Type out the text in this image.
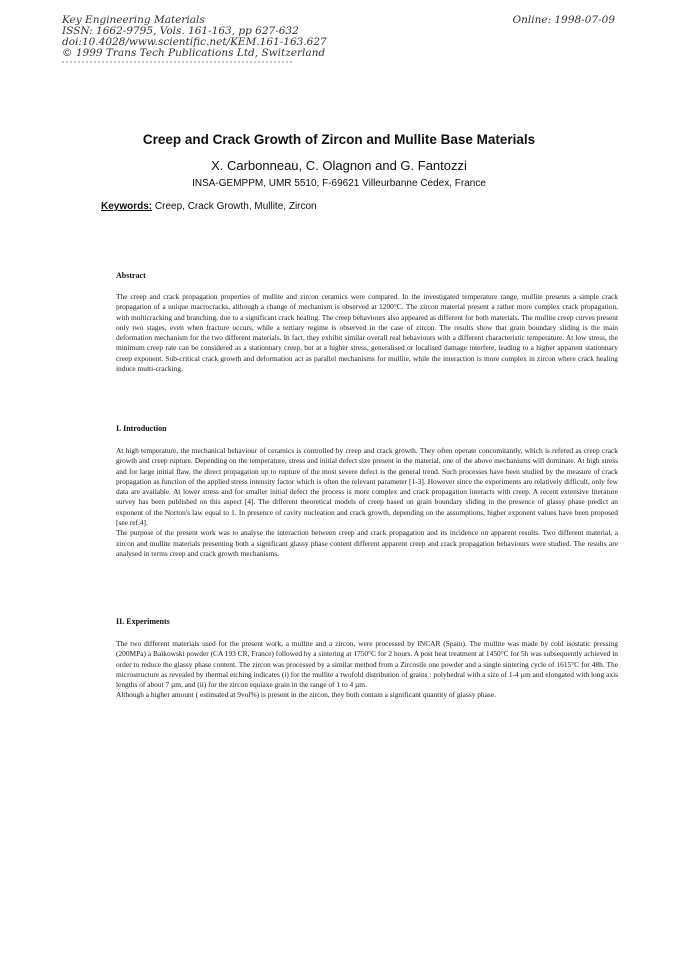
Key Engineering Materials
ISSN: 1662-9795, Vols. 161-163, pp 627-632
doi:10.4028/www.scientific.net/KEM.161-163.627
© 1999 Trans Tech Publications Ltd, Switzerland
Online: 1998-07-09
Creep and Crack Growth of Zircon and Mullite Base Materials
X. Carbonneau, C. Olagnon and G. Fantozzi
INSA-GEMPPM, UMR 5510, F-69621 Villeurbanne Cedex, France
Keywords: Creep, Crack Growth, Mullite, Zircon
Abstract

The creep and crack propagation properties of mullite and zircon ceramics were compared. In the investigated temperature range, mullite presents a simple crack propagation of a unique macrocracks, although a change of mechanism is observed at 1200°C. The zircon material present a rather more complex crack propagation, with multicracking and branching, due to a significant crack healing. The creep behaviours also appeared as different for both materials. The mullite creep curves present only two stages, even when fracture occurs, while a tertiary regime is observed in the case of zircon. The results show that grain boundary sliding is the main deformation mechanism for the two different materials. In fact, they exhibit similar overall real behaviours with a different characteristic temperature. At low stress, the minimum creep rate can be considered as a stationnary creep, but at a higher stress, generalised or localised damage interfere, leading to a higher apparent stationnary creep exponent. Sub-critical crack growth and deformation act as parallel mechanisms for mullite, while the interaction is more complex in zircon where crack healing induce multi-cracking.

I. Introduction

At high temperature, the mechanical behaviour of ceramics is controlled by creep and crack growth. They often operate concomitantly, which is refered as creep crack growth and creep rupture. Depending on the temperature, stress and initial defect size present in the material, one of the above mechanisms will dominate. At high stress and for large initial flaw, the direct propagation up to rupture of the most severe defect is the general trend. Such processes have been studied by the measure of crack propagation as function of the applied stress intensity factor which is often the relevant parameter [1-3]. However since the experiments are relatively difficult, only few data are available. At lower stress and for smaller initial defect the process is more complex and crack propagation interacts with creep. A recent extensive literature survey has been published on this aspect [4]. The different theoretical models of creep based on grain boundary sliding in the presence of glassy phase predict an exponent of the Norton's law equal to 1. In presence of cavity nucleation and crack growth, depending on the assumptions, higher exponent values have been proposed [see ref.4].

The purpose of the present work was to analyse the interaction between creep and crack propagation and its incidence on apparent results. Two different material, a zircon and mullite materials presenting both a significant glassy phase content different apparent creep and crack propagation behaviours were studied. The results are analysed in terms creep and crack growth mechanisms.

II. Experiments

The two different materials used for the present work, a mullite and a zircon, were processed by INCAR (Spain). The mullite was made by cold isostatic pressing (200MPa) a Baikowski powder (CA 193 CR, France) followed by a sintering at 1750°C for 2 hours. A post heat treatment at 1450°C for 5h was subsequently achieved in order to reduce the glassy phase content. The zircon was processed by a similar method from a Zircosile one powder and a single sintering cycle of 1615°C for 48h. The microstructure as revealed by thermal etching indicates (i) for the mullite a twofold distribution of grains : polyhedral with a size of 1-4 µm and elongated with long axis lengths of about 7 µm, and (ii) for the zircon equiaxe grain in the range of 1 to 4 µm.

Although a higher amount ( estimated at 9vol%) is present in the zircon, they both contain a significant quantity of glassy phase.
